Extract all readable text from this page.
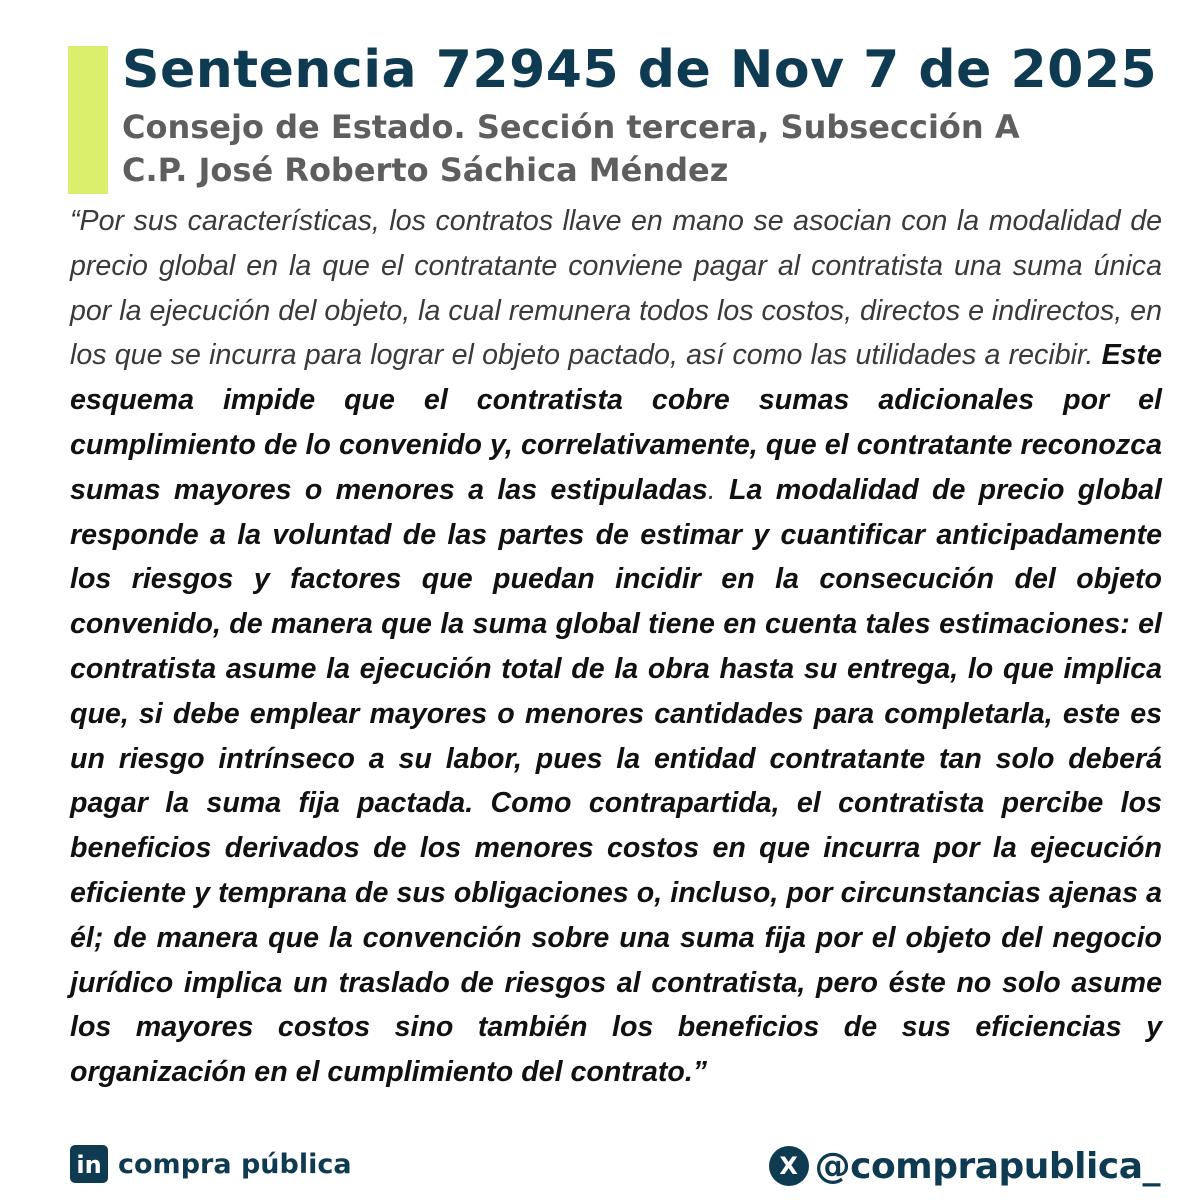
Sentencia 72945 de Nov 7 de 2025
Consejo de Estado. Sección tercera, Subsección A
C.P. José Roberto Sáchica Méndez

“Por sus características, los contratos llave en mano se asocian con la modalidad de precio global en la que el contratante conviene pagar al contratista una suma única por la ejecución del objeto, la cual remunera todos los costos, directos e indirectos, en los que se incurra para lograr el objeto pactado, así como las utilidades a recibir. Este esquema impide que el contratista cobre sumas adicionales por el cumplimiento de lo convenido y, correlativamente, que el contratante reconozca sumas mayores o menores a las estipuladas. La modalidad de precio global responde a la voluntad de las partes de estimar y cuantificar anticipadamente los riesgos y factores que puedan incidir en la consecución del objeto convenido, de manera que la suma global tiene en cuenta tales estimaciones: el contratista asume la ejecución total de la obra hasta su entrega, lo que implica que, si debe emplear mayores o menores cantidades para completarla, este es un riesgo intrínseco a su labor, pues la entidad contratante tan solo deberá pagar la suma fija pactada. Como contrapartida, el contratista percibe los beneficios derivados de los menores costos en que incurra por la ejecución eficiente y temprana de sus obligaciones o, incluso, por circunstancias ajenas a él; de manera que la convención sobre una suma fija por el objeto del negocio jurídico implica un traslado de riesgos al contratista, pero éste no solo asume los mayores costos sino también los beneficios de sus eficiencias y organización en el cumplimiento del contrato.”

in compra pública	X @comprapublica_
